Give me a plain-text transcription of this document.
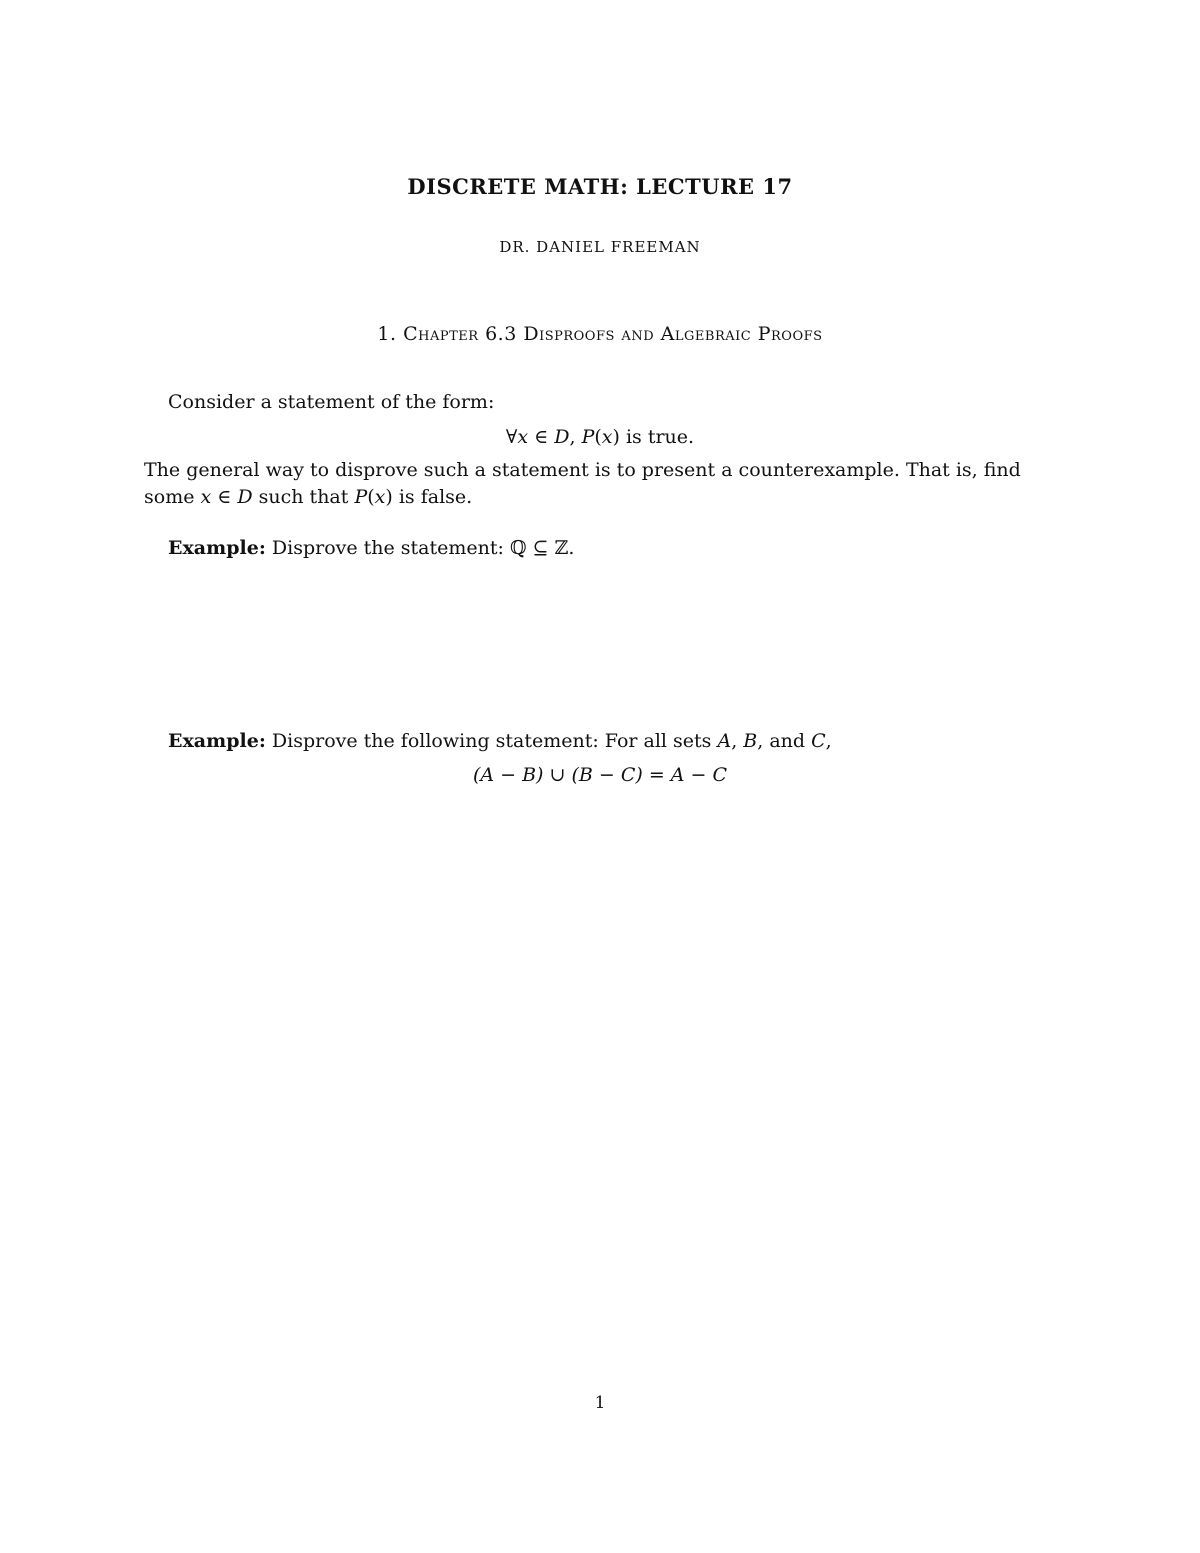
DISCRETE MATH: LECTURE 17
DR. DANIEL FREEMAN
1. Chapter 6.3 Disproofs and Algebraic Proofs
Consider a statement of the form:
∀x ∈ D, P(x) is true.
The general way to disprove such a statement is to present a counterexample. That is, find
some x ∈ D such that P(x) is false.
Example: Disprove the statement: ℚ ⊆ ℤ.
Example: Disprove the following statement: For all sets A, B, and C,
(A − B) ∪ (B − C) = A − C
1
